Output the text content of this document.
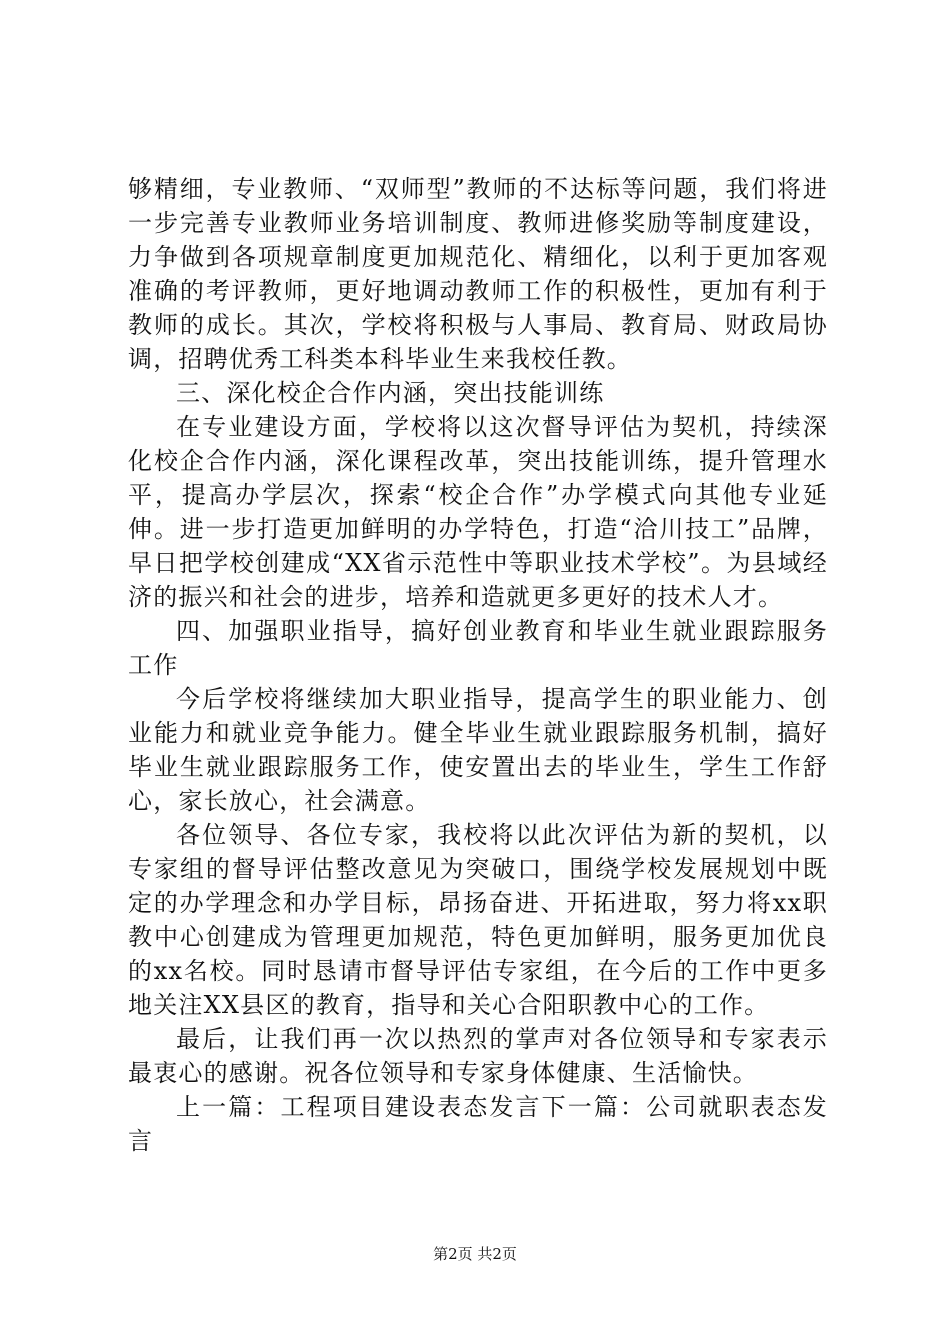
够精细，专业教师、“双师型”教师的不达标等问题，我们将进一步完善专业教师业务培训制度、教师进修奖励等制度建设，力争做到各项规章制度更加规范化、精细化，以利于更加客观准确的考评教师，更好地调动教师工作的积极性，更加有利于教师的成长。其次，学校将积极与人事局、教育局、财政局协调，招聘优秀工科类本科毕业生来我校任教。

三、深化校企合作内涵，突出技能训练

在专业建设方面，学校将以这次督导评估为契机，持续深化校企合作内涵，深化课程改革，突出技能训练，提升管理水平，提高办学层次，探索“校企合作”办学模式向其他专业延伸。进一步打造更加鲜明的办学特色，打造“洽川技工”品牌，早日把学校创建成“XX省示范性中等职业技术学校”。为县域经济的振兴和社会的进步，培养和造就更多更好的技术人才。

四、加强职业指导，搞好创业教育和毕业生就业跟踪服务工作

今后学校将继续加大职业指导，提高学生的职业能力、创业能力和就业竞争能力。健全毕业生就业跟踪服务机制，搞好毕业生就业跟踪服务工作，使安置出去的毕业生，学生工作舒心，家长放心，社会满意。

各位领导、各位专家，我校将以此次评估为新的契机，以专家组的督导评估整改意见为突破口，围绕学校发展规划中既定的办学理念和办学目标，昂扬奋进、开拓进取，努力将xx职教中心创建成为管理更加规范，特色更加鲜明，服务更加优良的xx名校。同时恳请市督导评估专家组，在今后的工作中更多地关注XX县区的教育，指导和关心合阳职教中心的工作。

最后，让我们再一次以热烈的掌声对各位领导和专家表示最衷心的感谢。祝各位领导和专家身体健康、生活愉快。

上一篇：工程项目建设表态发言下一篇：公司就职表态发言

第2页 共2页
